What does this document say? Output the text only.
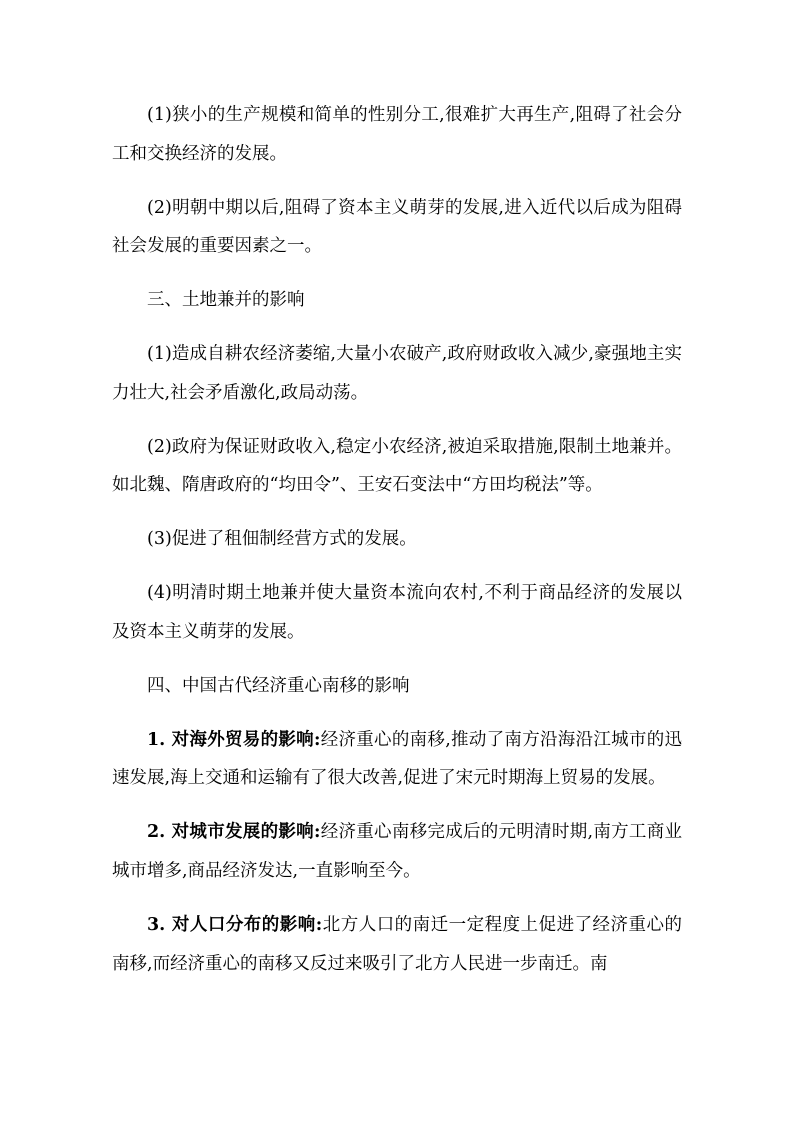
(1)狭小的生产规模和简单的性别分工,很难扩大再生产,阻碍了社会分工和交换经济的发展。

(2)明朝中期以后,阻碍了资本主义萌芽的发展,进入近代以后成为阻碍社会发展的重要因素之一。

三、土地兼并的影响

(1)造成自耕农经济萎缩,大量小农破产,政府财政收入减少,豪强地主实力壮大,社会矛盾激化,政局动荡。

(2)政府为保证财政收入,稳定小农经济,被迫采取措施,限制土地兼并。如北魏、隋唐政府的“均田令”、王安石变法中“方田均税法”等。

(3)促进了租佃制经营方式的发展。

(4)明清时期土地兼并使大量资本流向农村,不利于商品经济的发展以及资本主义萌芽的发展。

四、中国古代经济重心南移的影响

1. 对海外贸易的影响:经济重心的南移,推动了南方沿海沿江城市的迅速发展,海上交通和运输有了很大改善,促进了宋元时期海上贸易的发展。

2. 对城市发展的影响:经济重心南移完成后的元明清时期,南方工商业城市增多,商品经济发达,一直影响至今。

3. 对人口分布的影响:北方人口的南迁一定程度上促进了经济重心的南移,而经济重心的南移又反过来吸引了北方人民进一步南迁。南
